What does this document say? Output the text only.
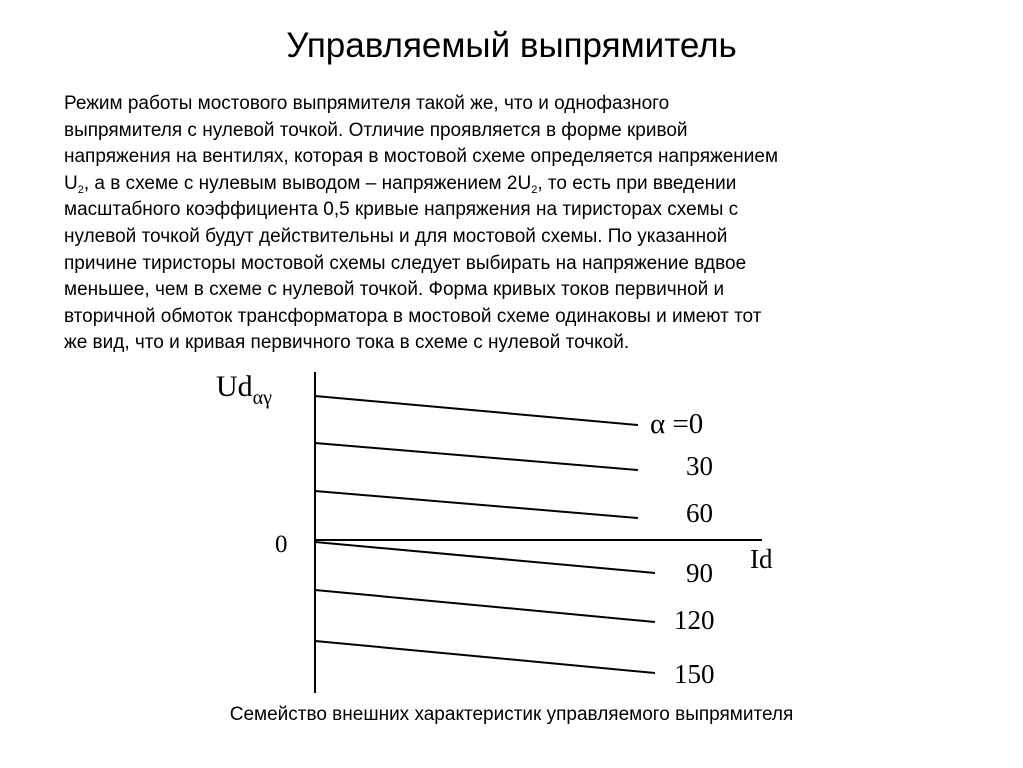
Управляемый выпрямитель
Режим работы мостового выпрямителя такой же, что и однофазного
выпрямителя с нулевой точкой. Отличие проявляется в форме кривой
напряжения на вентилях, которая в мостовой схеме определяется напряжением
$U_2$, а в схеме с нулевым выводом – напряжением $2U_2$, то есть при введении
масштабного коэффициента 0,5 кривые напряжения на тиристорах схемы с
нулевой точкой будут действительны и для мостовой схемы. По указанной
причине тиристоры мостовой схемы следует выбирать на напряжение вдвое
меньшее, чем в схеме с нулевой точкой. Форма кривых токов первичной и
вторичной обмоток трансформатора в мостовой схеме одинаковы и имеют тот
же вид, что и кривая первичного тока в схеме с нулевой точкой.
$Ud_{\alpha\gamma}$
0	Id
α =0
30
60
90
120
150
Семейство внешних характеристик управляемого выпрямителя
